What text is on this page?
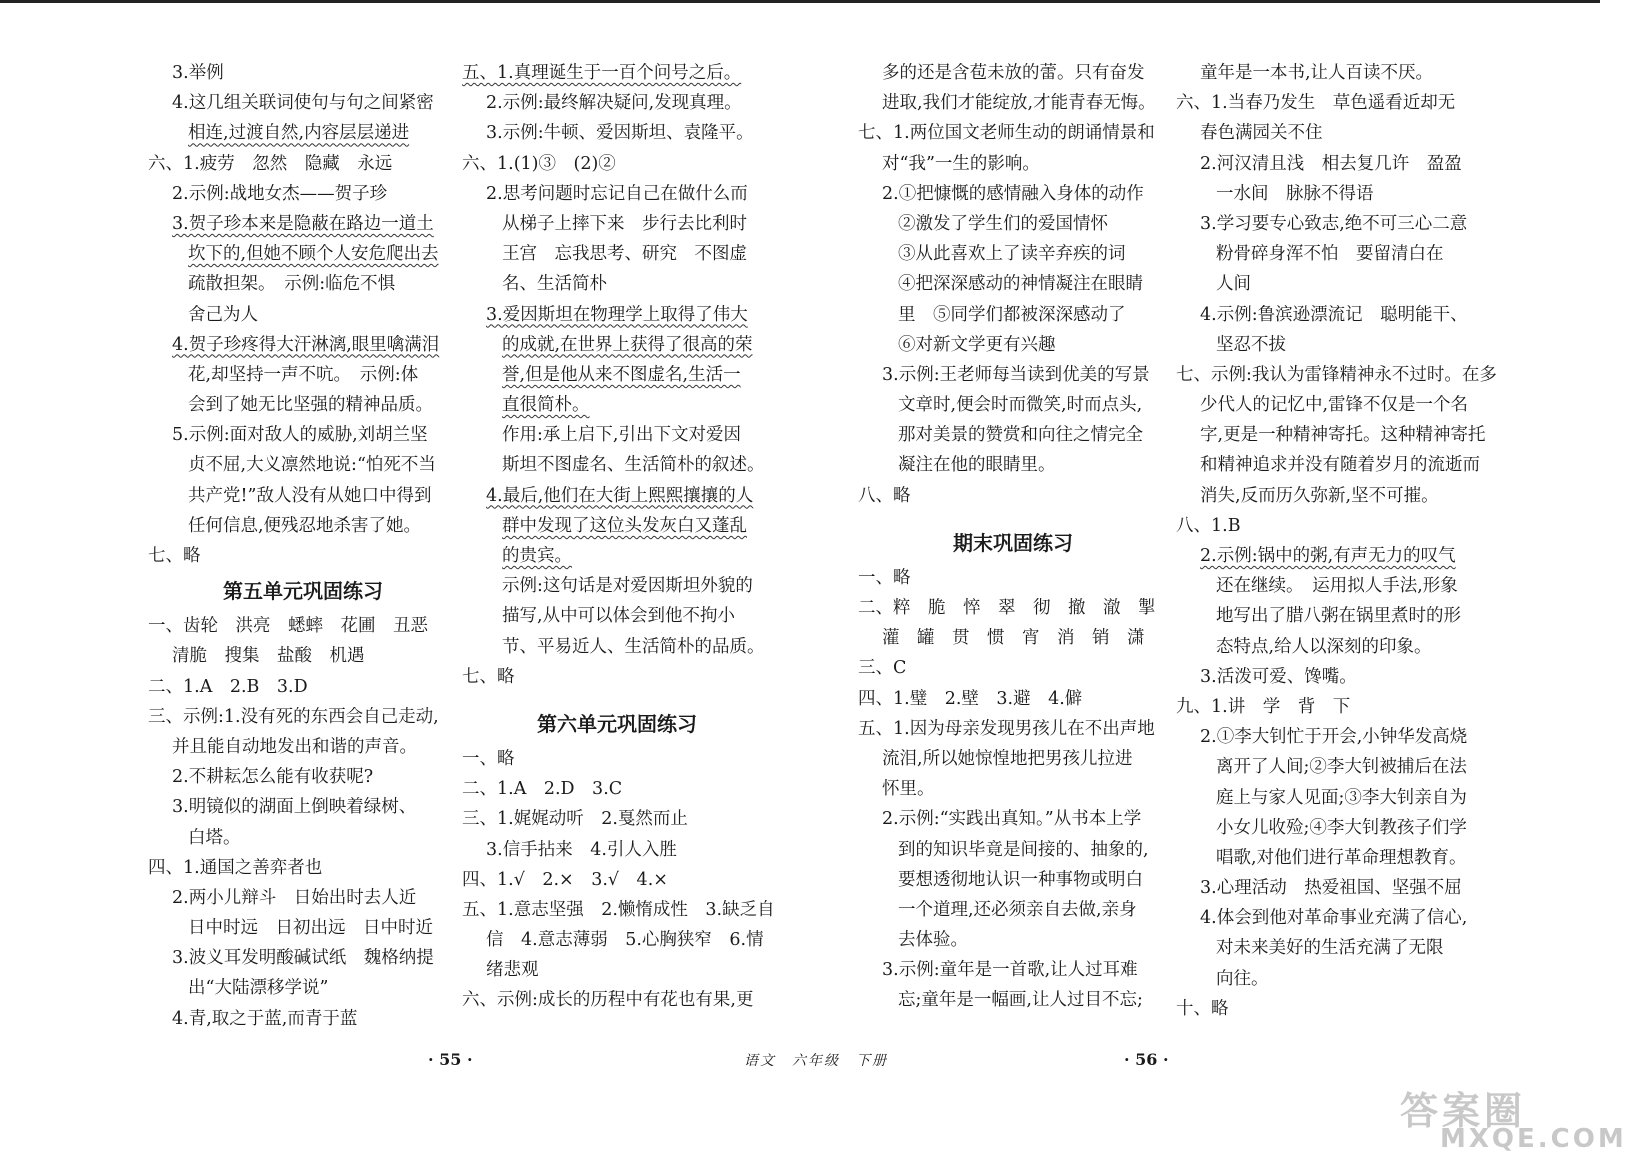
3.举例
4.这几组关联词使句与句之间紧密
相连,过渡自然,内容层层递进
六、1.疲劳　忽然　隐藏　永远
2.示例:战地女杰——贺子珍
3.贺子珍本来是隐蔽在路边一道土
坎下的,但她不顾个人安危爬出去
疏散担架。　示例:临危不惧
舍己为人
4.贺子珍疼得大汗淋漓,眼里噙满泪
花,却坚持一声不吭。　示例:体
会到了她无比坚强的精神品质。
5.示例:面对敌人的威胁,刘胡兰坚
贞不屈,大义凛然地说:“怕死不当
共产党!”敌人没有从她口中得到
任何信息,便残忍地杀害了她。
七、略
第五单元巩固练习
一、齿轮　洪亮　蟋蟀　花圃　丑恶
清脆　搜集　盐酸　机遇
二、1.A　2.B　3.D
三、示例:1.没有死的东西会自己走动,
并且能自动地发出和谐的声音。
2.不耕耘怎么能有收获呢?
3.明镜似的湖面上倒映着绿树、
白塔。
四、1.通国之善弈者也
2.两小儿辩斗　日始出时去人近
日中时远　日初出远　日中时近
3.波义耳发明酸碱试纸　魏格纳提
出“大陆漂移学说”
4.青,取之于蓝,而青于蓝
五、1.真理诞生于一百个问号之后。
2.示例:最终解决疑问,发现真理。
3.示例:牛顿、爱因斯坦、袁隆平。
六、1.(1)③　(2)②
2.思考问题时忘记自己在做什么而
从梯子上摔下来　步行去比利时
王宫　忘我思考、研究　不图虚
名、生活简朴
3.爱因斯坦在物理学上取得了伟大
的成就,在世界上获得了很高的荣
誉,但是他从来不图虚名,生活一
直很简朴。
作用:承上启下,引出下文对爱因
斯坦不图虚名、生活简朴的叙述。
4.最后,他们在大街上熙熙攘攘的人
群中发现了这位头发灰白又蓬乱
的贵宾。
示例:这句话是对爱因斯坦外貌的
描写,从中可以体会到他不拘小
节、平易近人、生活简朴的品质。
七、略
第六单元巩固练习
一、略
二、1.A　2.D　3.C
三、1.娓娓动听　2.戛然而止
3.信手拈来　4.引人入胜
四、1.√　2.×　3.√　4.×
五、1.意志坚强　2.懒惰成性　3.缺乏自
信　4.意志薄弱　5.心胸狭窄　6.情
绪悲观
六、示例:成长的历程中有花也有果,更
多的还是含苞未放的蕾。只有奋发
进取,我们才能绽放,才能青春无悔。
七、1.两位国文老师生动的朗诵情景和
对“我”一生的影响。
2.①把慷慨的感情融入身体的动作
②激发了学生们的爱国情怀
③从此喜欢上了读辛弃疾的词
④把深深感动的神情凝注在眼睛
里　⑤同学们都被深深感动了
⑥对新文学更有兴趣
3.示例:王老师每当读到优美的写景
文章时,便会时而微笑,时而点头,
那对美景的赞赏和向往之情完全
凝注在他的眼睛里。
八、略
期末巩固练习
一、略
二、粹　脆　悴　翠　彻　撤　澈　掣
灌　罐　贯　惯　宵　消　销　潇
三、C
四、1.璧　2.壁　3.避　4.僻
五、1.因为母亲发现男孩儿在不出声地
流泪,所以她惊惶地把男孩儿拉进
怀里。
2.示例:“实践出真知。”从书本上学
到的知识毕竟是间接的、抽象的,
要想透彻地认识一种事物或明白
一个道理,还必须亲自去做,亲身
去体验。
3.示例:童年是一首歌,让人过耳难
忘;童年是一幅画,让人过目不忘;
童年是一本书,让人百读不厌。
六、1.当春乃发生　草色遥看近却无
春色满园关不住
2.河汉清且浅　相去复几许　盈盈
一水间　脉脉不得语
3.学习要专心致志,绝不可三心二意
粉骨碎身浑不怕　要留清白在
人间
4.示例:鲁滨逊漂流记　聪明能干、
坚忍不拔
七、示例:我认为雷锋精神永不过时。在多
少代人的记忆中,雷锋不仅是一个名
字,更是一种精神寄托。这种精神寄托
和精神追求并没有随着岁月的流逝而
消失,反而历久弥新,坚不可摧。
八、1.B
2.示例:锅中的粥,有声无力的叹气
还在继续。　运用拟人手法,形象
地写出了腊八粥在锅里煮时的形
态特点,给人以深刻的印象。
3.活泼可爱、馋嘴。
九、1.讲　学　背　下
2.①李大钊忙于开会,小钟华发高烧
离开了人间;②李大钊被捕后在法
庭上与家人见面;③李大钊亲自为
小女儿收殓;④李大钊教孩子们学
唱歌,对他们进行革命理想教育。
3.心理活动　热爱祖国、坚强不屈
4.体会到他对革命事业充满了信心,
对未来美好的生活充满了无限
向往。
十、略
· 55 ·	语文　六年级　下册	· 56 ·
答案圈
MXQE.COM
